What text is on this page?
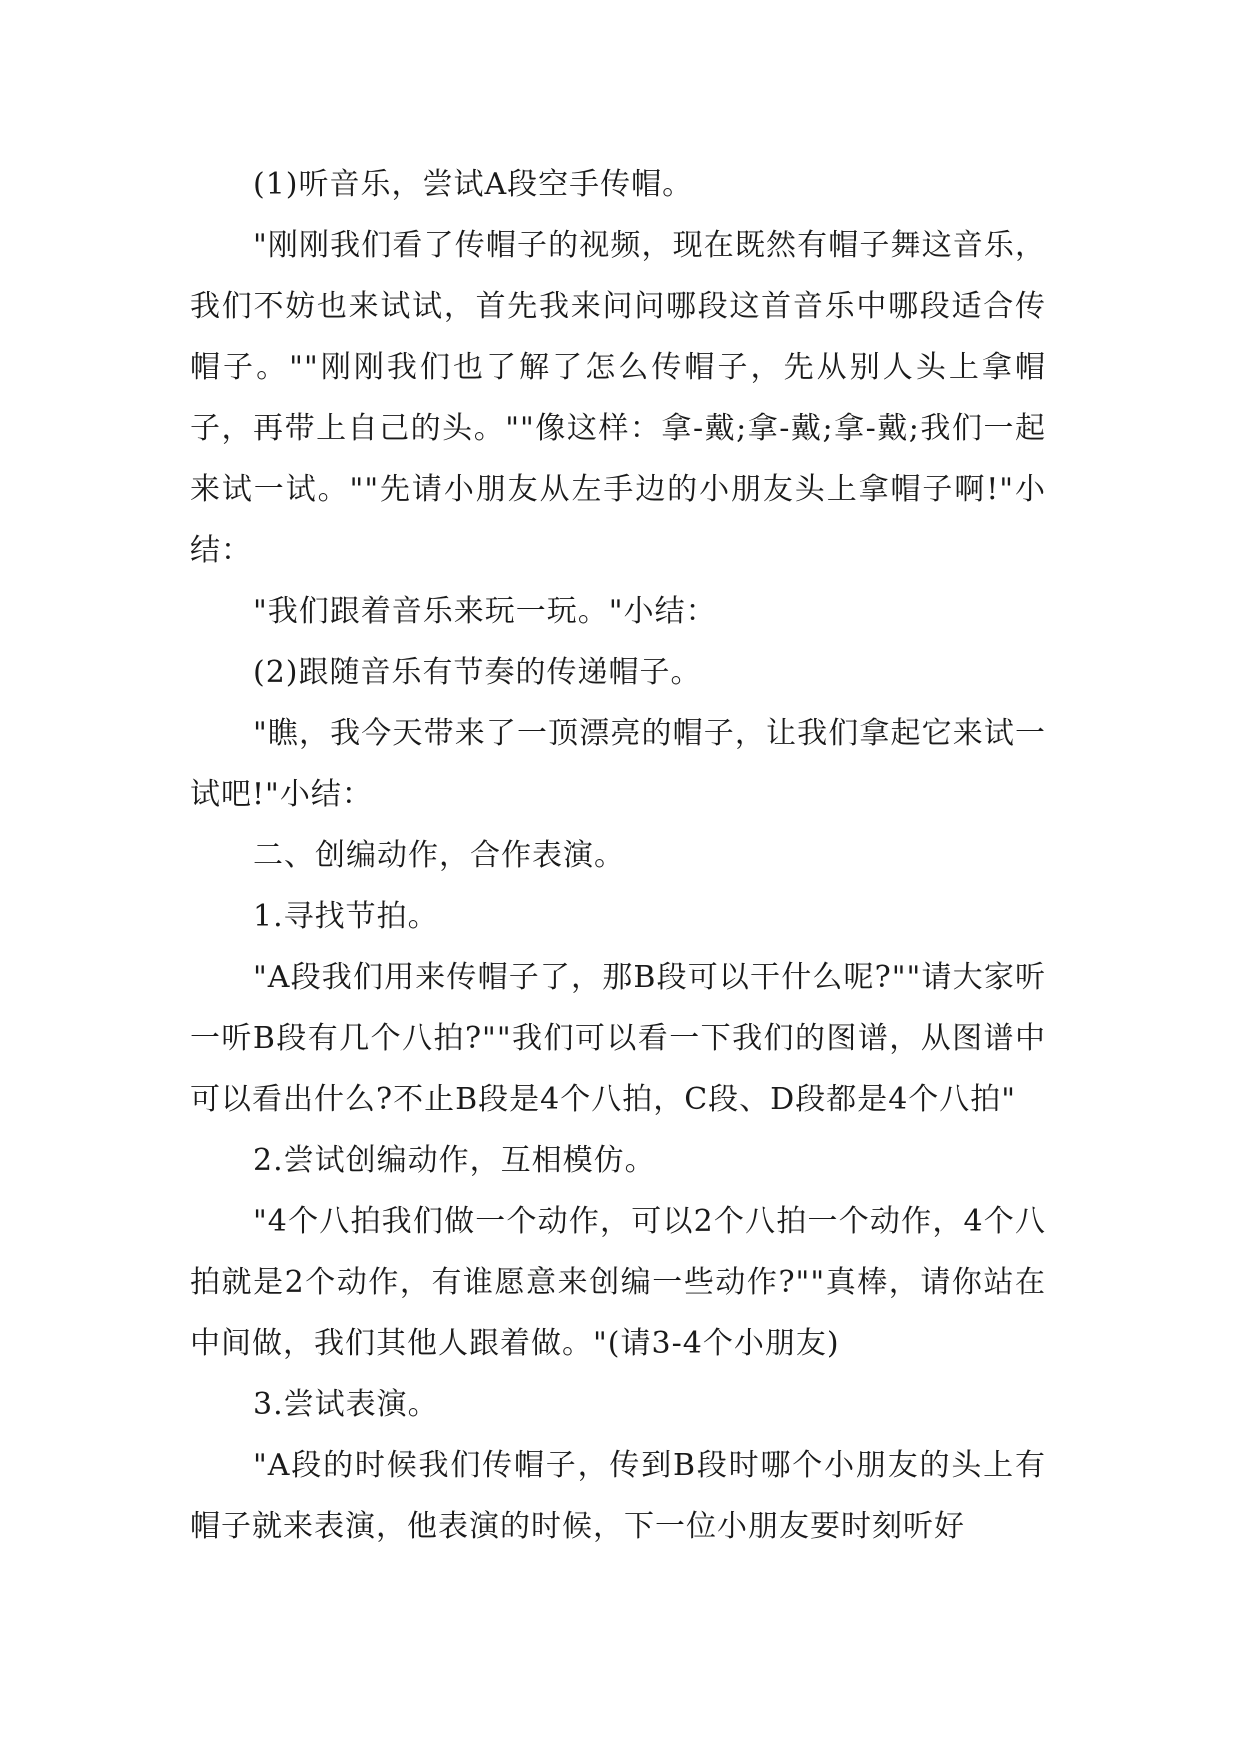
(1)听音乐，尝试A段空手传帽。

"刚刚我们看了传帽子的视频，现在既然有帽子舞这音乐，我们不妨也来试试，首先我来问问哪段这首音乐中哪段适合传帽子。""刚刚我们也了解了怎么传帽子，先从别人头上拿帽子，再带上自己的头。""像这样：拿-戴;拿-戴;拿-戴;我们一起来试一试。""先请小朋友从左手边的小朋友头上拿帽子啊!"小结：

"我们跟着音乐来玩一玩。"小结：

(2)跟随音乐有节奏的传递帽子。

"瞧，我今天带来了一顶漂亮的帽子，让我们拿起它来试一试吧!"小结：

二、创编动作，合作表演。

1.寻找节拍。

"A段我们用来传帽子了，那B段可以干什么呢?""请大家听一听B段有几个八拍?""我们可以看一下我们的图谱，从图谱中可以看出什么?不止B段是4个八拍，C段、D段都是4个八拍"

2.尝试创编动作，互相模仿。

"4个八拍我们做一个动作，可以2个八拍一个动作，4个八拍就是2个动作，有谁愿意来创编一些动作?""真棒，请你站在中间做，我们其他人跟着做。"(请3-4个小朋友)

3.尝试表演。

"A段的时候我们传帽子，传到B段时哪个小朋友的头上有帽子就来表演，他表演的时候，下一位小朋友要时刻听好
